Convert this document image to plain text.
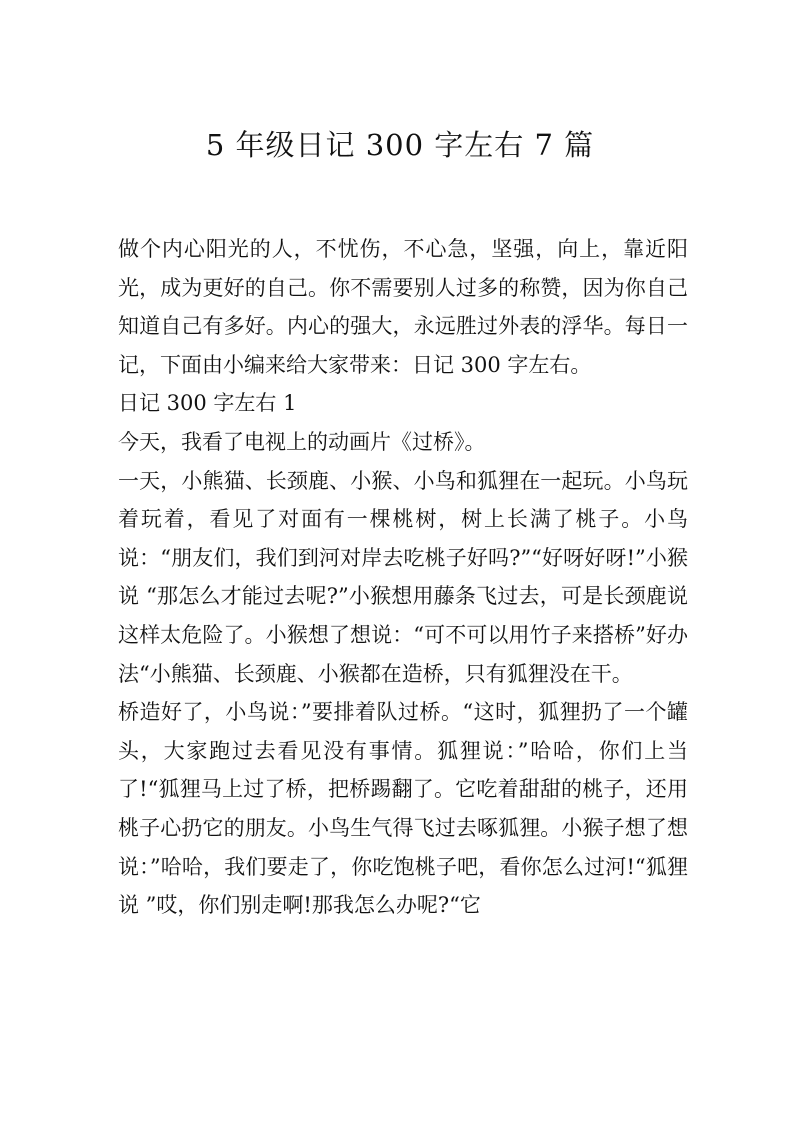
5 年级日记 300 字左右 7 篇

做个内心阳光的人，不忧伤，不心急，坚强，向上，靠近阳光，成为更好的自己。你不需要别人过多的称赞，因为你自己知道自己有多好。内心的强大，永远胜过外表的浮华。每日一记，下面由小编来给大家带来：日记 300 字左右。

日记 300 字左右 1

今天，我看了电视上的动画片《过桥》。

一天，小熊猫、长颈鹿、小猴、小鸟和狐狸在一起玩。小鸟玩着玩着，看见了对面有一棵桃树，树上长满了桃子。小鸟说：“朋友们，我们到河对岸去吃桃子好吗?”“好呀好呀!”小猴说 “那怎么才能过去呢?”小猴想用藤条飞过去，可是长颈鹿说这样太危险了。小猴想了想说：“可不可以用竹子来搭桥”好办法“小熊猫、长颈鹿、小猴都在造桥，只有狐狸没在干。

桥造好了，小鸟说：”要排着队过桥。“这时，狐狸扔了一个罐头，大家跑过去看见没有事情。狐狸说：”哈哈，你们上当了!“狐狸马上过了桥，把桥踢翻了。它吃着甜甜的桃子，还用桃子心扔它的朋友。小鸟生气得飞过去啄狐狸。小猴子想了想说：”哈哈，我们要走了，你吃饱桃子吧，看你怎么过河!“狐狸说 ”哎，你们别走啊!那我怎么办呢?“它
